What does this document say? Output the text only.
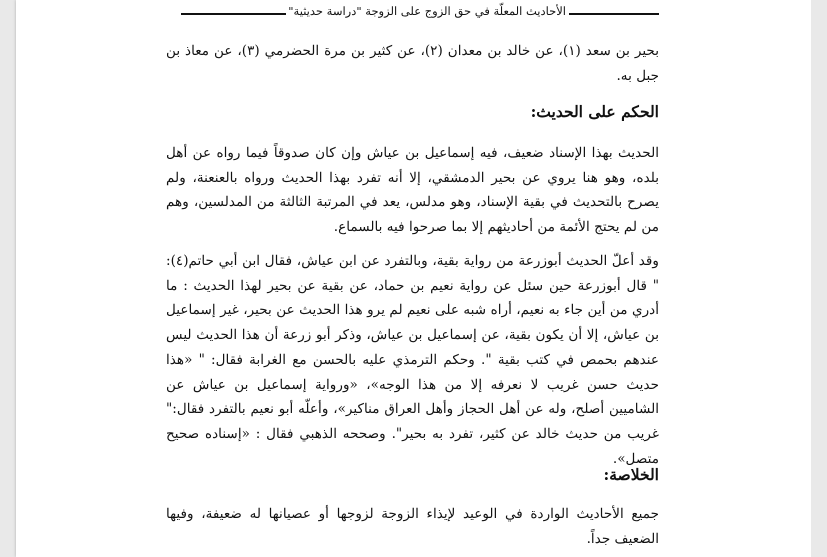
الأحاديث المعلّة في حق الزوج على الزوجة "دراسة حديثية"
بحير بن سعد (١)، عن خالد بن معدان (٢)، عن كثير بن مرة الحضرمي (٣)، عن معاذ بن جبل به.
الحكم على الحديث:
الحديث بهذا الإسناد ضعيف، فيه إسماعيل بن عياش وإن كان صدوقاً فيما رواه عن أهل بلده، وهو هنا يروي عن بحير الدمشقي، إلا أنه تفرد بهذا الحديث ورواه بالعنعنة، ولم يصرح بالتحديث في بقية الإسناد، وهو مدلس، يعد في المرتبة الثالثة من المدلسين، وهم من لم يحتج الأئمة من أحاديثهم إلا بما صرحوا فيه بالسماع.
وقد أعلّ الحديث أبوزرعة من رواية بقية، وبالتفرد عن ابن عياش، فقال ابن أبي حاتم(٤): " قال أبوزرعة حين سئل عن رواية نعيم بن حماد، عن بقية عن بحير لهذا الحديث : ما أدري من أين جاء به نعيم، أراه شبه على نعيم لم يرو هذا الحديث عن بحير، غير إسماعيل بن عياش، إلا أن يكون بقية، عن إسماعيل بن عياش، وذكر أبو زرعة أن هذا الحديث ليس عندهم بحمص في كتب بقية ". وحكم الترمذي عليه بالحسن مع الغرابة فقال: " «هذا حديث حسن غريب لا نعرفه إلا من هذا الوجه»، «ورواية إسماعيل بن عياش عن الشاميين أصلح، وله عن أهل الحجاز وأهل العراق مناكير»، وأعلّه أبو نعيم بالتفرد فقال:" غريب من حديث خالد عن كثير، تفرد به بحير". وصححه الذهبي فقال : «إسناده صحيح متصل».
الخلاصة:
جميع الأحاديث الواردة في الوعيد لإيذاء الزوجة لزوجها أو عصيانها له ضعيفة، وفيها الضعيف جداً.
